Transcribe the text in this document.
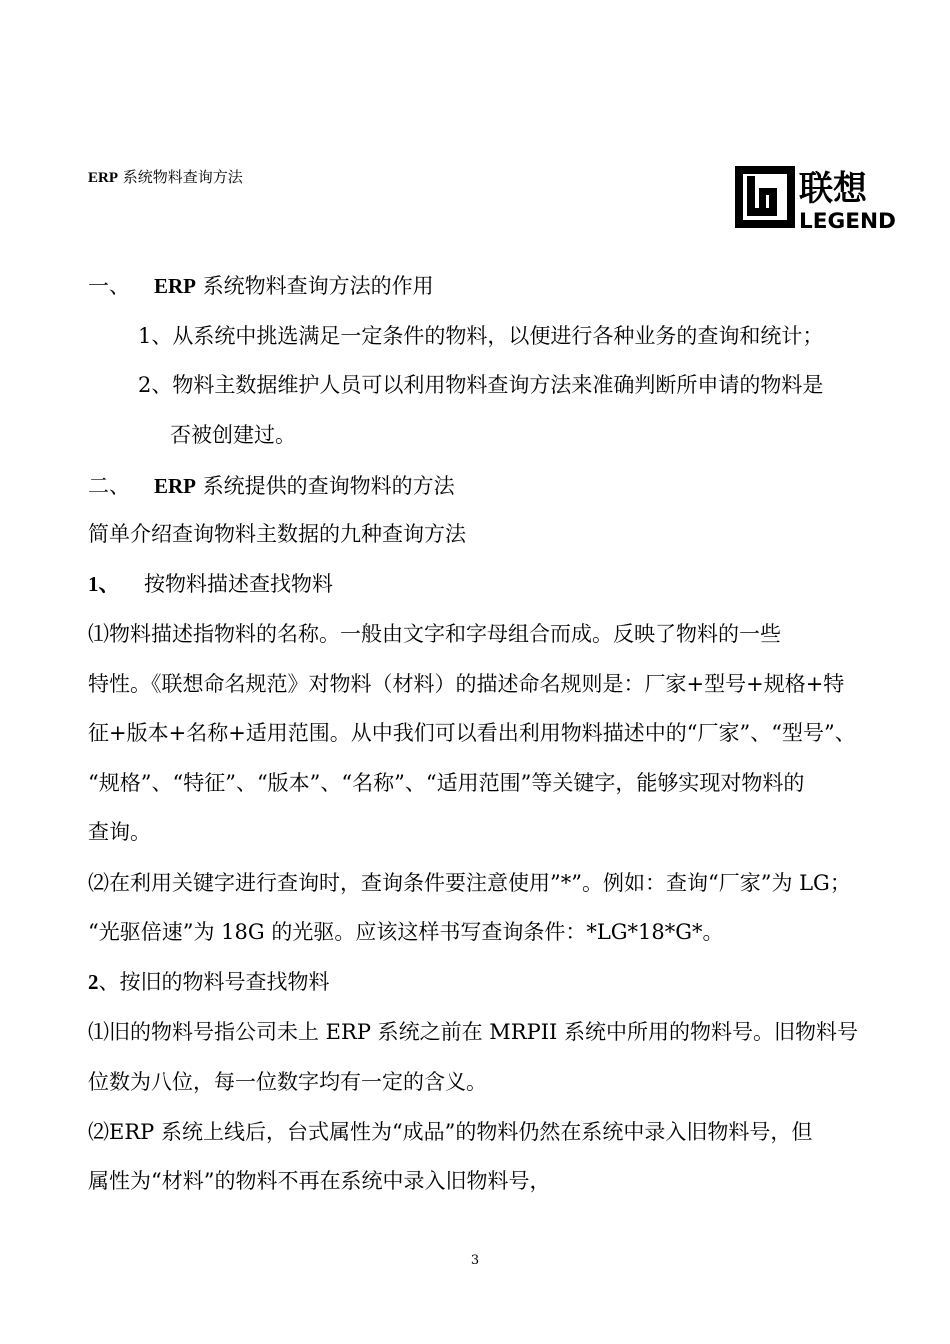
ERP 系统物料查询方法	联想
LEGEND
一、 ERP 系统物料查询方法的作用
1、从系统中挑选满足一定条件的物料，以便进行各种业务的查询和统计；
2、物料主数据维护人员可以利用物料查询方法来准确判断所申请的物料是
否被创建过。
二、 ERP 系统提供的查询物料的方法
简单介绍查询物料主数据的九种查询方法
1、 按物料描述查找物料
⑴物料描述指物料的名称。一般由文字和字母组合而成。反映了物料的一些
特性。《联想命名规范》对物料（材料）的描述命名规则是：厂家+型号+规格+特
征+版本+名称+适用范围。从中我们可以看出利用物料描述中的“厂家”、“型号”、
“规格”、“特征”、“版本”、“名称”、“适用范围”等关键字，能够实现对物料的
查询。
⑵在利用关键字进行查询时，查询条件要注意使用”*”。例如：查询“厂家”为 LG；
“光驱倍速”为 18G 的光驱。应该这样书写查询条件：*LG*18*G*。
2、按旧的物料号查找物料
⑴旧的物料号指公司未上 ERP 系统之前在 MRPII 系统中所用的物料号。旧物料号
位数为八位，每一位数字均有一定的含义。
⑵ERP 系统上线后，台式属性为“成品”的物料仍然在系统中录入旧物料号，但
属性为“材料”的物料不再在系统中录入旧物料号，
3
